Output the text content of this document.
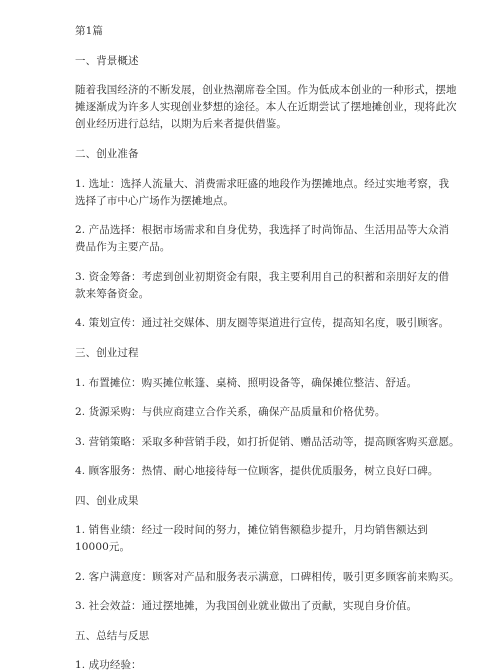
第1篇
一、背景概述
随着我国经济的不断发展，创业热潮席卷全国。作为低成本创业的一种形式，摆地
摊逐渐成为许多人实现创业梦想的途径。本人在近期尝试了摆地摊创业，现将此次
创业经历进行总结，以期为后来者提供借鉴。
二、创业准备
1. 选址：选择人流量大、消费需求旺盛的地段作为摆摊地点。经过实地考察，我
选择了市中心广场作为摆摊地点。
2. 产品选择：根据市场需求和自身优势，我选择了时尚饰品、生活用品等大众消
费品作为主要产品。
3. 资金筹备：考虑到创业初期资金有限，我主要利用自己的积蓄和亲朋好友的借
款来筹备资金。
4. 策划宣传：通过社交媒体、朋友圈等渠道进行宣传，提高知名度，吸引顾客。
三、创业过程
1. 布置摊位：购买摊位帐篷、桌椅、照明设备等，确保摊位整洁、舒适。
2. 货源采购：与供应商建立合作关系，确保产品质量和价格优势。
3. 营销策略：采取多种营销手段，如打折促销、赠品活动等，提高顾客购买意愿。
4. 顾客服务：热情、耐心地接待每一位顾客，提供优质服务，树立良好口碑。
四、创业成果
1. 销售业绩：经过一段时间的努力，摊位销售额稳步提升，月均销售额达到
10000元。
2. 客户满意度：顾客对产品和服务表示满意，口碑相传，吸引更多顾客前来购买。
3. 社会效益：通过摆地摊，为我国创业就业做出了贡献，实现自身价值。
五、总结与反思
1. 成功经验：
